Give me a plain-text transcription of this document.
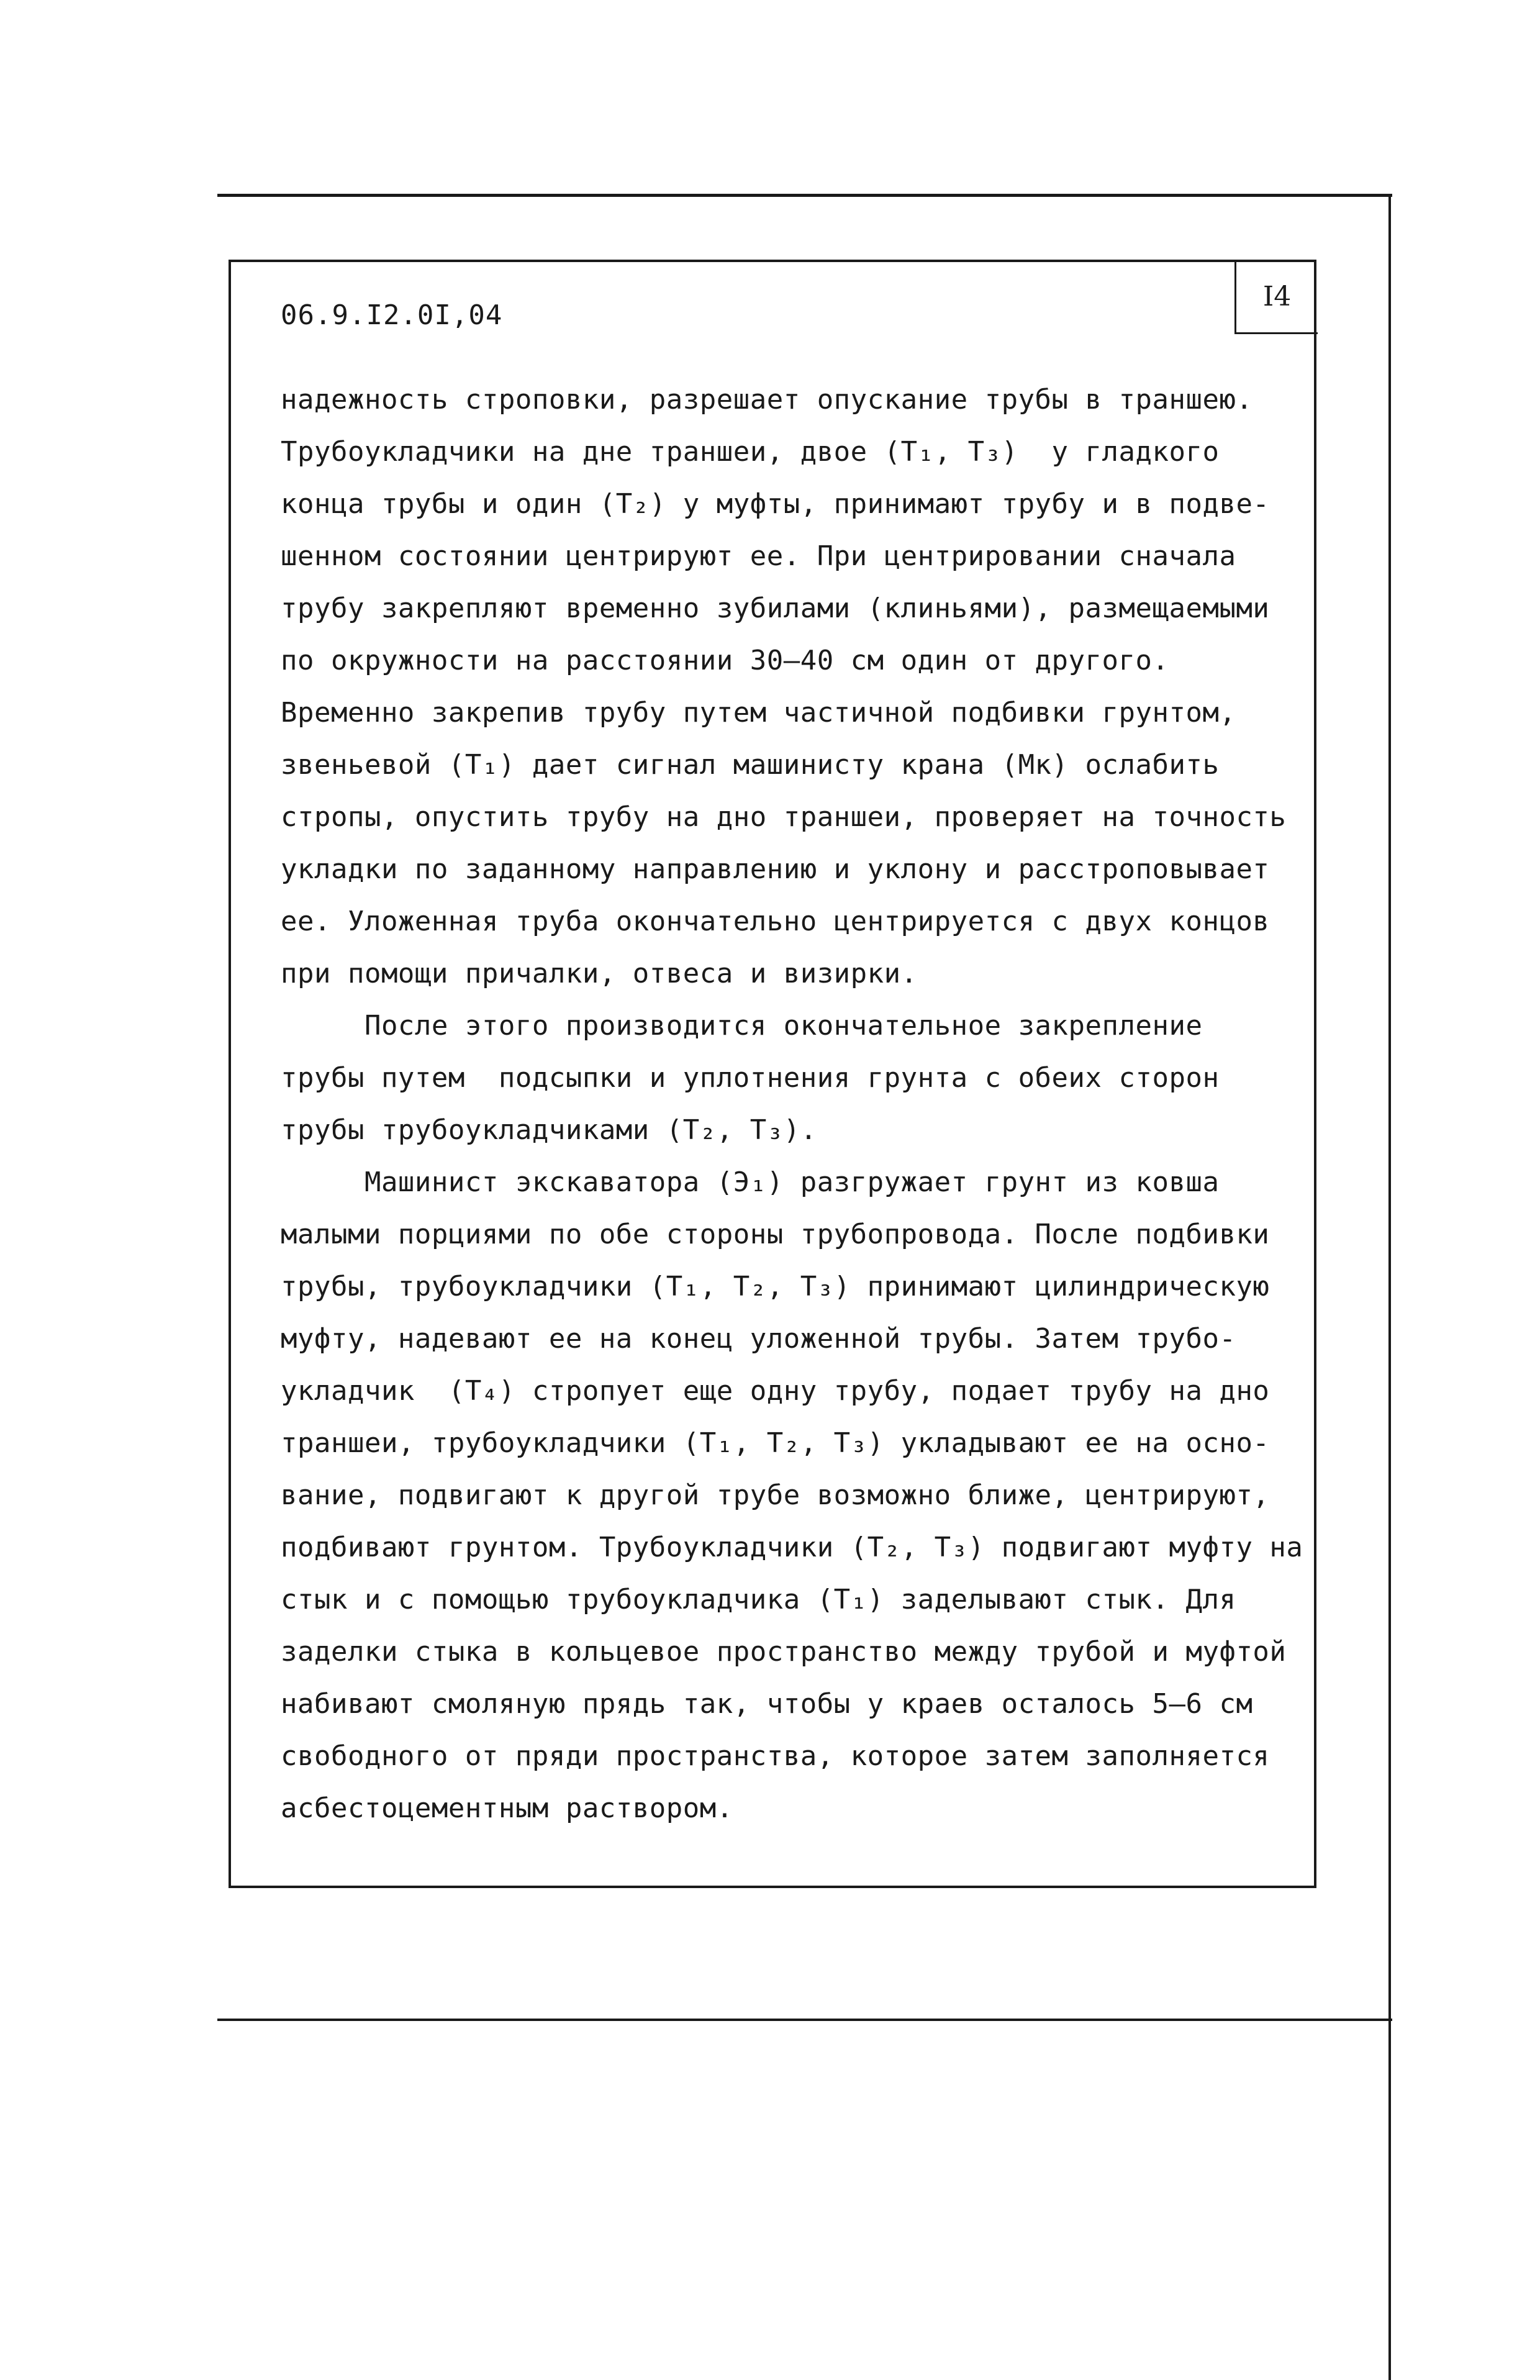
I4
06.9.I2.0I,04
надежность строповки, разрешает опускание трубы в траншею.
Трубоукладчики на дне траншеи, двое (T₁, T₃)  у гладкого
конца трубы и один (T₂) у муфты, принимают трубу и в подве-
шенном состоянии центрируют ее. При центрировании сначала
трубу закрепляют временно зубилами (клиньями), размещаемыми
по окружности на расстоянии 30–40 см один от другого.
Временно закрепив трубу путем частичной подбивки грунтом,
звеньевой (T₁) дает сигнал машинисту крана (Мк) ослабить
стропы, опустить трубу на дно траншеи, проверяет на точность
укладки по заданному направлению и уклону и расстроповывает
ее. Уложенная труба окончательно центрируется с двух концов
при помощи причалки, отвеса и визирки.
После этого производится окончательное закрепление
трубы путем  подсыпки и уплотнения грунта с обеих сторон
трубы трубоукладчиками (T₂, T₃).
Машинист экскаватора (Э₁) разгружает грунт из ковша
малыми порциями по обе стороны трубопровода. После подбивки
трубы, трубоукладчики (T₁, T₂, T₃) принимают цилиндрическую
муфту, надевают ее на конец уложенной трубы. Затем трубо-
укладчик  (T₄) стропует еще одну трубу, подает трубу на дно
траншеи, трубоукладчики (T₁, T₂, T₃) укладывают ее на осно-
вание, подвигают к другой трубе возможно ближе, центрируют,
подбивают грунтом. Трубоукладчики (T₂, T₃) подвигают муфту на
стык и с помощью трубоукладчика (T₁) заделывают стык. Для
заделки стыка в кольцевое пространство между трубой и муфтой
набивают смоляную прядь так, чтобы у краев осталось 5–6 см
свободного от пряди пространства, которое затем заполняется
асбестоцементным раствором.
